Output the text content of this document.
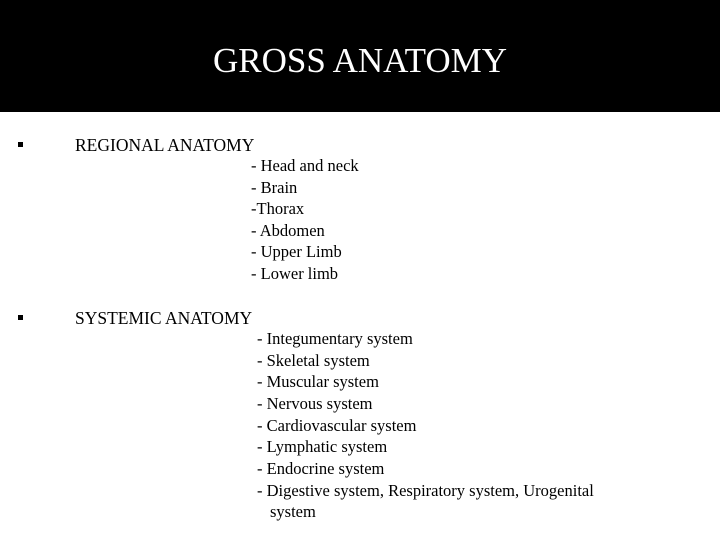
GROSS ANATOMY
REGIONAL ANATOMY
- Head and neck
- Brain
-Thorax
- Abdomen
- Upper Limb
- Lower limb
SYSTEMIC ANATOMY
- Integumentary system
- Skeletal system
- Muscular system
- Nervous system
- Cardiovascular system
- Lymphatic system
- Endocrine system
- Digestive system, Respiratory system, Urogenital
system
